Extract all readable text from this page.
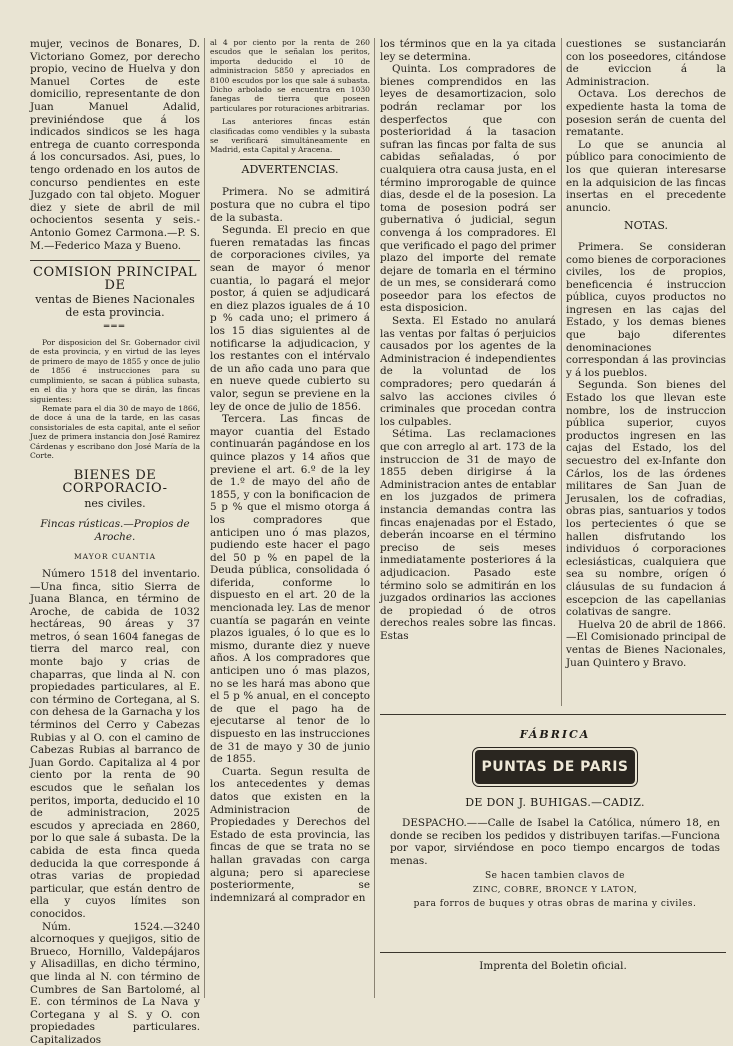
mujer, vecinos de Bonares, D. Victoriano Gomez, por derecho propio, vecino de Huelva y don Manuel Cortes de este domicilio, representante de don Juan Manuel Adalid, previniéndose que á los indicados sindicos se les haga entrega de cuanto corresponda á los concursados. Asi, pues, lo tengo ordenado en los autos de concurso pendientes en este Juzgado con tal objeto. Moguer diez y siete de abril de mil ochocientos sesenta y seis.-Antonio Gomez Carmona.—P. S. M.—Federico Maza y Bueno.

COMISION PRINCIPAL DE
ventas de Bienes Nacionales de esta provincia.
═══

Por disposicion del Sr. Gobernador civil de esta provincia, y en virtud de las leyes de primero de mayo de 1855 y once de julio de 1856 é instrucciones para su cumplimiento, se sacan á pública subasta, en el dia y hora que se dirán, las fincas siguientes:

Remate para el dia 30 de mayo de 1866, de doce á una de la tarde, en las casas consistoriales de esta capital, ante el señor Juez de primera instancia don José Ramirez Cárdenas y escribano don José María de la Corte.

BIENES DE CORPORACIO-
nes civiles.

Fincas rústicas.—Propios de Aroche.

MAYOR CUANTIA

Número 1518 del inventario.—Una finca, sitio Sierra de Juana Blanca, en término de Aroche, de cabida de 1032 hectáreas, 90 áreas y 37 metros, ó sean 1604 fanegas de tierra del marco real, con monte bajo y crias de chaparras, que linda al N. con propiedades particulares, al E. con término de Cortegana, al S. con dehesa de la Garnacha y los términos del Cerro y Cabezas Rubias y al O. con el camino de Cabezas Rubias al barranco de Juan Gordo. Capitaliza al 4 por ciento por la renta de 90 escudos que le señalan los peritos, importa, deducido el 10 de administracion, 2025 escudos y apreciada en 2860, por lo que sale á subasta. De la cabida de esta finca queda deducida la que corresponde á otras varias de propiedad particular, que están dentro de ella y cuyos límites son conocidos.

Núm. 1524.—3240 alcornoques y quejigos, sitio de Brueco, Hornillo, Valdepájaros y Alisadillas, en dicho término, que linda al N. con término de Cumbres de San Bartolomé, al E. con términos de La Nava y Cortegana y al S. y O. con propiedades particulares. Capitalizados

al 4 por ciento por la renta de 260 escudos que le señalan los peritos, importa deducido el 10 de administracion 5850 y apreciados en 8100 escudos por los que sale á subasta. Dicho arbolado se encuentra en 1030 fanegas de tierra que poseen particulares por roturaciones arbitrarias.

Las anteriores fincas están clasificadas como vendibles y la subasta se verificará simultáneamente en Madrid, esta Capital y Aracena.

ADVERTENCIAS.

Primera. No se admitirá postura que no cubra el tipo de la subasta.

Segunda. El precio en que fueren rematadas las fincas de corporaciones civiles, ya sean de mayor ó menor cuantia, lo pagará el mejor postor, á quien se adjudicará en diez plazos iguales de á 10 p % cada uno; el primero á los 15 dias siguientes al de notificarse la adjudicacion, y los restantes con el intérvalo de un año cada uno para que en nueve quede cubierto su valor, segun se previene en la ley de once de julio de 1856.

Tercera. Las fincas de mayor cuantia del Estado continuarán pagándose en los quince plazos y 14 años que previene el art. 6.º de la ley de 1.º de mayo del año de 1855, y con la bonificacion de 5 p % que el mismo otorga á los compradores que anticipen uno ó mas plazos, pudiendo este hacer el pago del 50 p % en papel de la Deuda pública, consolidada ó diferida, conforme lo dispuesto en el art. 20 de la mencionada ley. Las de menor cuantía se pagarán en veinte plazos iguales, ó lo que es lo mismo, durante diez y nueve años. A los compradores que anticipen uno ó mas plazos, no se les hará mas abono que el 5 p % anual, en el concepto de que el pago ha de ejecutarse al tenor de lo dispuesto en las instrucciones de 31 de mayo y 30 de junio de 1855.

Cuarta. Segun resulta de los antecedentes y demas datos que existen en la Administracion de Propiedades y Derechos del Estado de esta provincia, las fincas de que se trata no se hallan gravadas con carga alguna; pero si apareciese posteriormente, se indemnizará al comprador en

los términos que en la ya citada ley se determina.

Quinta. Los compradores de bienes comprendidos en las leyes de desamortizacion, solo podrán reclamar por los desperfectos que con posterioridad á la tasacion sufran las fincas por falta de sus cabidas señaladas, ó por cualquiera otra causa justa, en el término improrogable de quince dias, desde el de la posesion. La toma de posesion podrá ser gubernativa ó judicial, segun convenga á los compradores. El que verificado el pago del primer plazo del importe del remate dejare de tomarla en el término de un mes, se considerará como poseedor para los efectos de esta disposicion.

Sexta. El Estado no anulará las ventas por faltas ó perjuicios causados por los agentes de la Administracion é independientes de la voluntad de los compradores; pero quedarán á salvo las acciones civiles ó criminales que procedan contra los culpables.

Sétima. Las reclamaciones que con arreglo al art. 173 de la instruccion de 31 de mayo de 1855 deben dirigirse á la Administracion antes de entablar en los juzgados de primera instancia demandas contra las fincas enajenadas por el Estado, deberán incoarse en el término preciso de seis meses inmediatamente posteriores á la adjudicacion. Pasado este término solo se admitirán en los juzgados ordinarios las acciones de propiedad ó de otros derechos reales sobre las fincas. Estas

cuestiones se sustanciarán con los poseedores, citándose de eviccion á la Administracion.

Octava. Los derechos de expediente hasta la toma de posesion serán de cuenta del rematante.

Lo que se anuncia al público para conocimiento de los que quieran interesarse en la adquisicion de las fincas insertas en el precedente anuncio.

NOTAS.

Primera. Se consideran como bienes de corporaciones civiles, los de propios, beneficencia é instruccion pública, cuyos productos no ingresen en las cajas del Estado, y los demas bienes que bajo diferentes denominaciones correspondan á las provincias y á los pueblos.

Segunda. Son bienes del Estado los que llevan este nombre, los de instruccion pública superior, cuyos productos ingresen en las cajas del Estado, los del secuestro del ex-Infante don Cárlos, los de las órdenes militares de San Juan de Jerusalen, los de cofradias, obras pias, santuarios y todos los pertecientes ó que se hallen disfrutando los individuos ó corporaciones eclesiásticas, cualquiera que sea su nombre, orígen ó cláusulas de su fundacion á escepcion de las capellanias colativas de sangre.

Huelva 20 de abril de 1866.—El Comisionado principal de ventas de Bienes Nacionales, Juan Quintero y Bravo.

FÁBRICA
PUNTAS DE PARIS
DE DON J. BUHIGAS.—CADIZ.

DESPACHO.——Calle de Isabel la Católica, número 18, en donde se reciben los pedidos y distribuyen tarifas.—Funciona por vapor, sirviéndose en poco tiempo encargos de todas menas.

Se hacen tambien clavos de
ZINC, COBRE, BRONCE Y LATON,
para forros de buques y otras obras de marina y civiles.
Imprenta del Boletin oficial.
